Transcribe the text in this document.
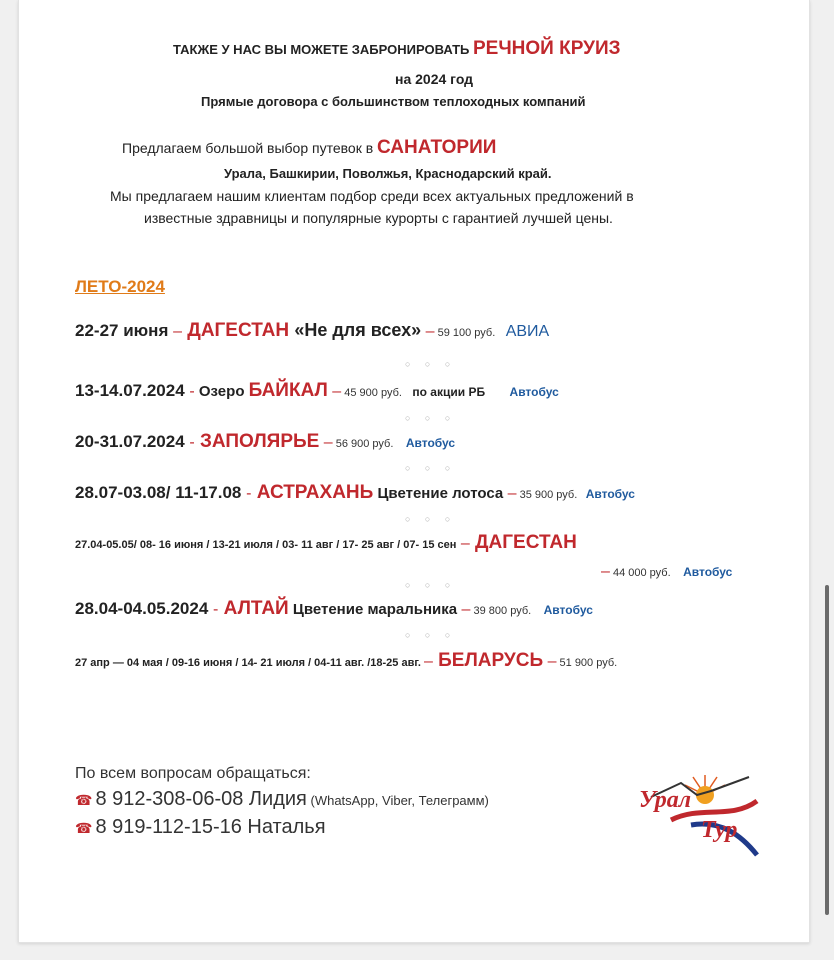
ТАКЖЕ У НАС ВЫ МОЖЕТЕ ЗАБРОНИРОВАТЬ РЕЧНОЙ КРУИЗ
на 2024 год
Прямые договора с большинством теплоходных компаний
Предлагаем большой выбор путевок в САНАТОРИИ
Урала, Башкирии, Поволжья, Краснодарский край.
Мы предлагаем нашим клиентам подбор среди всех актуальных предложений в
известные здравницы и популярные курорты с гарантией лучшей цены.
ЛЕТО-2024
22-27 июня – ДАГЕСТАН «Не для всех» – 59 100 руб. АВИА
○ ○ ○
13-14.07.2024 - Озеро БАЙКАЛ – 45 900 руб. по акции РБ Автобус
○ ○ ○
20-31.07.2024 - ЗАПОЛЯРЬЕ – 56 900 руб. Автобус
○ ○ ○
28.07-03.08/ 11-17.08 - АСТРАХАНЬ Цветение лотоса – 35 900 руб. Автобус
○ ○ ○
27.04-05.05/ 08- 16 июня / 13-21 июля / 03- 11 авг / 17- 25 авг / 07- 15 сен – ДАГЕСТАН
– 44 000 руб. Автобус
○ ○ ○
28.04-04.05.2024 - АЛТАЙ Цветение маральника – 39 800 руб. Автобус
○ ○ ○
27 апр — 04 мая / 09-16 июня / 14- 21 июля / 04-11 авг. /18-25 авг. – БЕЛАРУСЬ – 51 900 руб.
По всем вопросам обращаться:
☎ 8 912-308-06-08 Лидия (WhatsApp, Viber, Телеграмм)
☎ 8 919-112-15-16 Наталья
Урал
Тур
